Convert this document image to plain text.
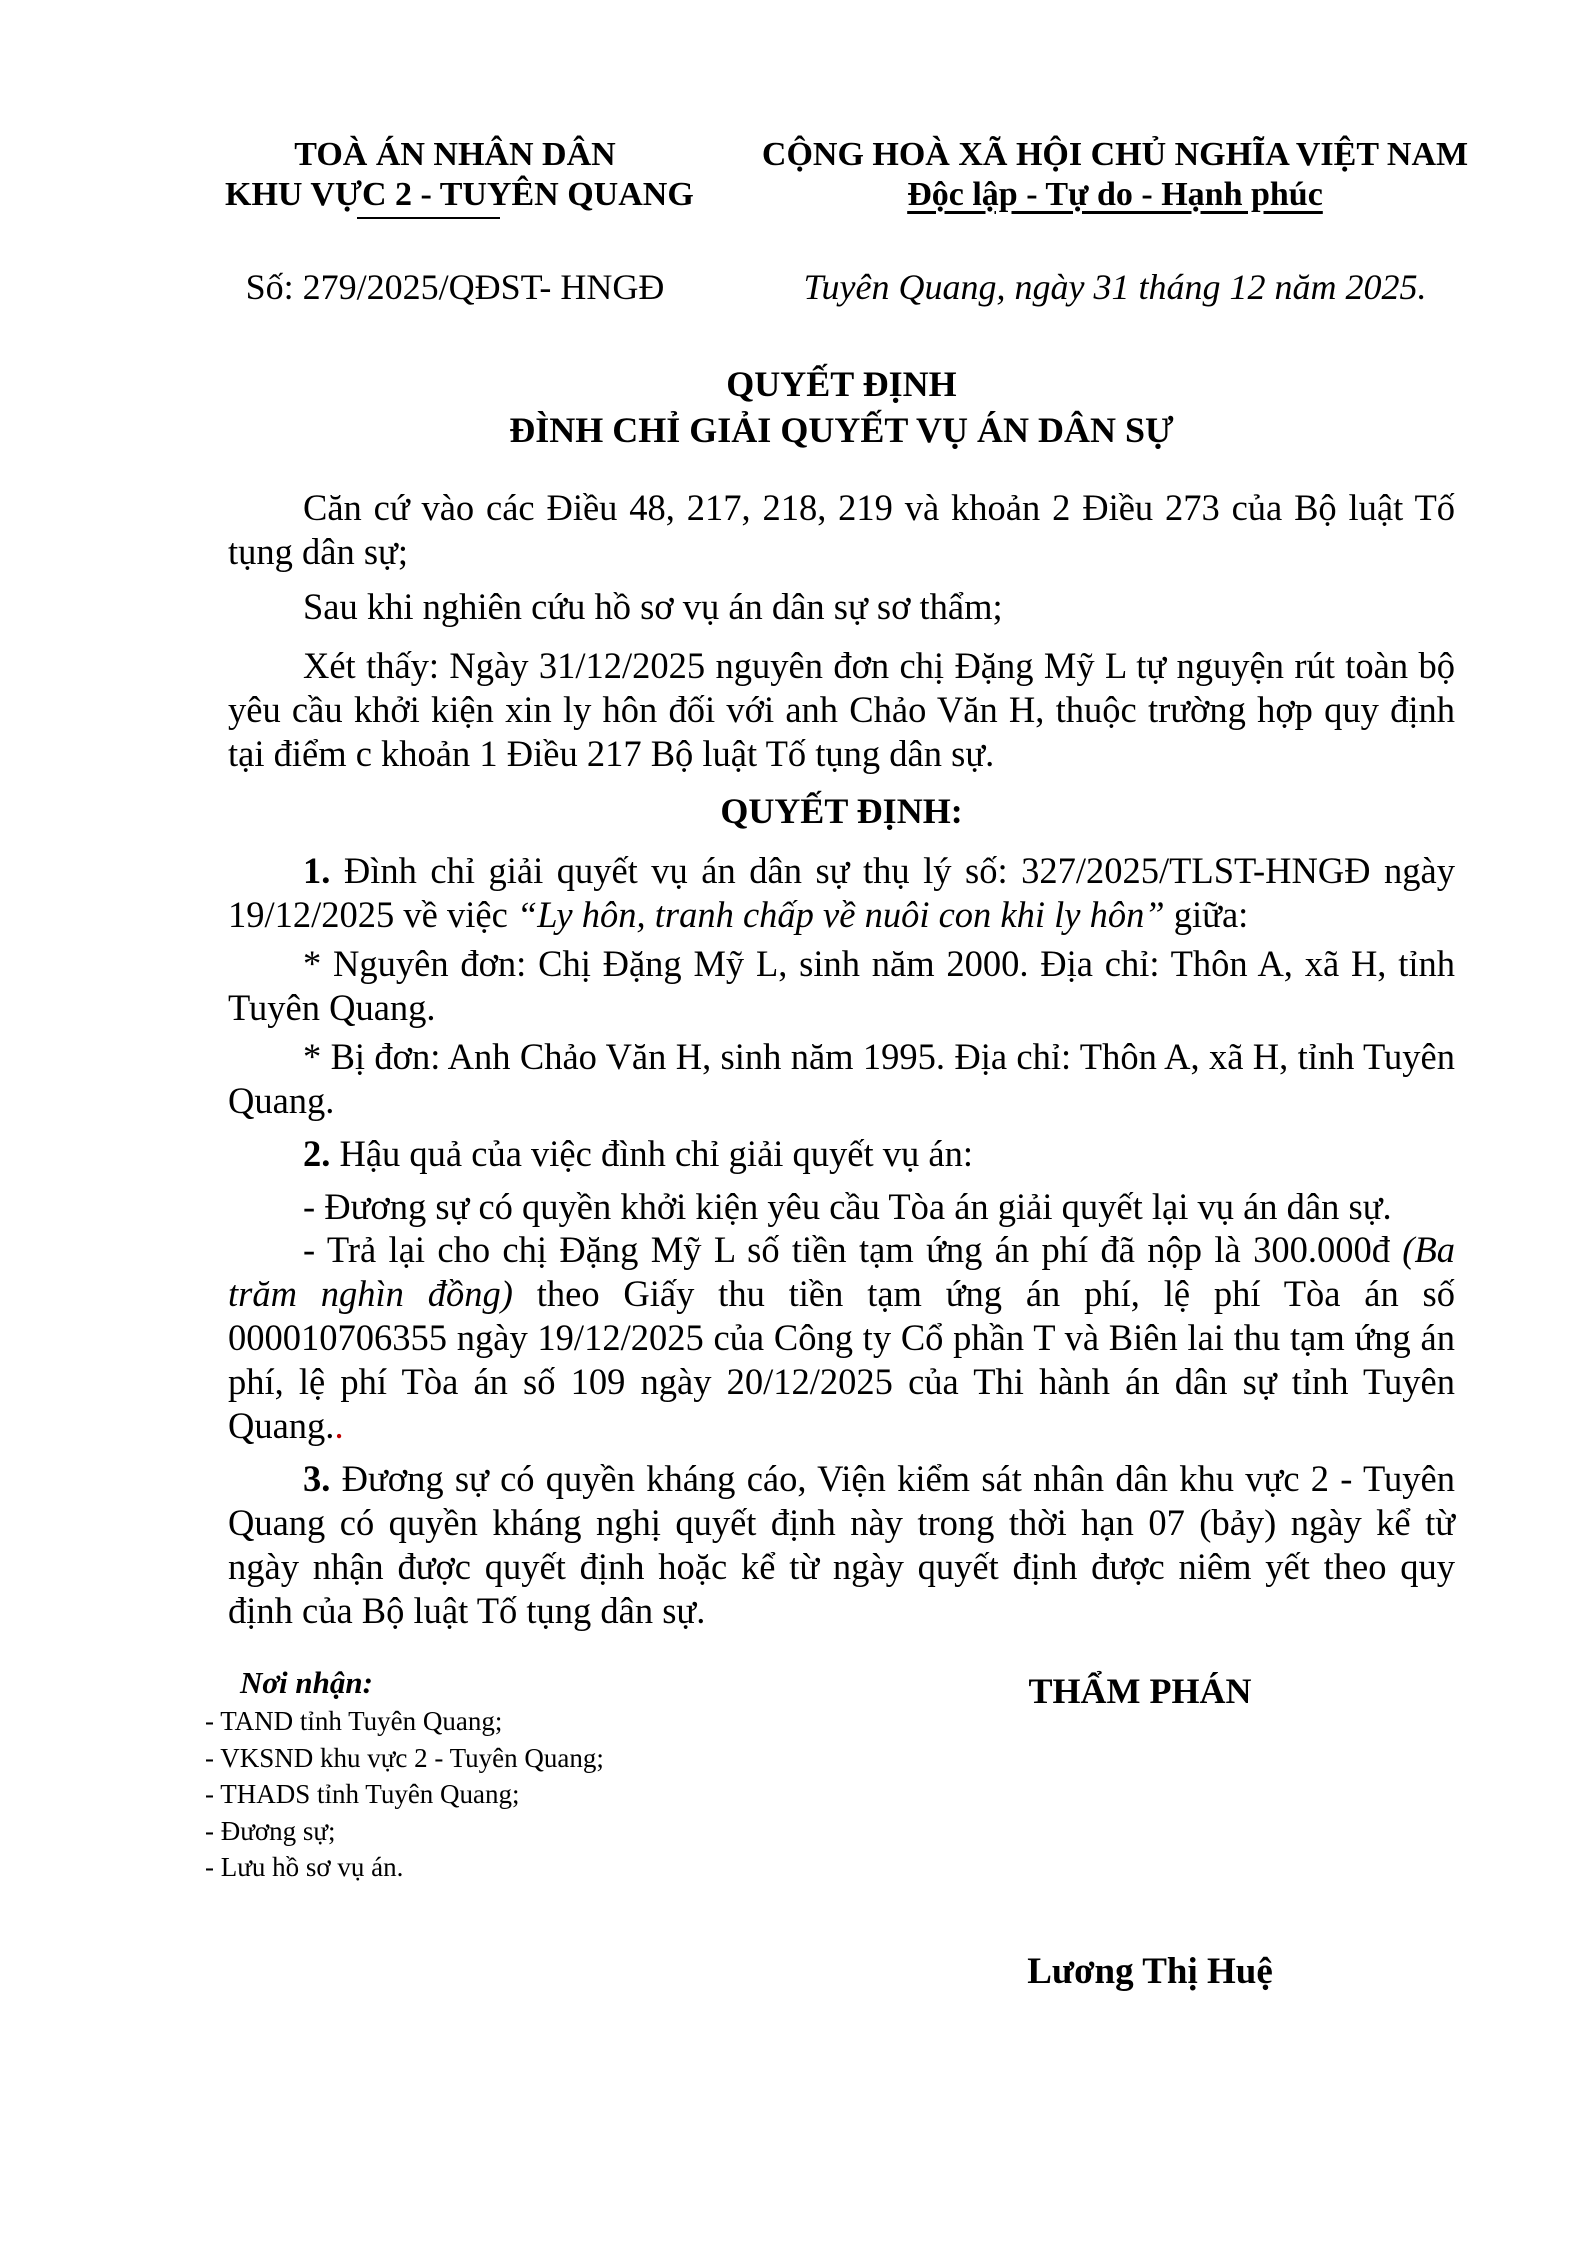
TOÀ ÁN NHÂN DÂN
KHU VỰC 2 - TUYÊN QUANG
CỘNG HOÀ XÃ HỘI CHỦ NGHĨA VIỆT NAM
Độc lập - Tự do - Hạnh phúc
Số: 279/2025/QĐST- HNGĐ	Tuyên Quang, ngày 31 tháng 12 năm 2025.
QUYẾT ĐỊNH
ĐÌNH CHỈ GIẢI QUYẾT VỤ ÁN DÂN SỰ
QUYẾT ĐỊNH:
Căn cứ vào các Điều 48, 217, 218, 219 và khoản 2 Điều 273 của Bộ luật Tố
tụng dân sự;
Sau khi nghiên cứu hồ sơ vụ án dân sự sơ thẩm;
Xét thấy: Ngày 31/12/2025 nguyên đơn chị Đặng Mỹ L tự nguyện rút toàn bộ
yêu cầu khởi kiện xin ly hôn đối với anh Chảo Văn H, thuộc trường hợp quy định
tại điểm c khoản 1 Điều 217 Bộ luật Tố tụng dân sự.
1. Đình chỉ giải quyết vụ án dân sự thụ lý số: 327/2025/TLST-HNGĐ ngày
19/12/2025 về việc “Ly hôn, tranh chấp về nuôi con khi ly hôn” giữa:
* Nguyên đơn: Chị Đặng Mỹ L, sinh năm 2000. Địa chỉ: Thôn A, xã H, tỉnh
Tuyên Quang.
* Bị đơn: Anh Chảo Văn H, sinh năm 1995. Địa chỉ: Thôn A, xã H, tỉnh Tuyên
Quang.
2. Hậu quả của việc đình chỉ giải quyết vụ án:
- Đương sự có quyền khởi kiện yêu cầu Tòa án giải quyết lại vụ án dân sự.
- Trả lại cho chị Đặng Mỹ L số tiền tạm ứng án phí đã nộp là 300.000đ (Ba
trăm nghìn đồng) theo Giấy thu tiền tạm ứng án phí, lệ phí Tòa án số
000010706355 ngày 19/12/2025 của Công ty Cổ phần T và Biên lai thu tạm ứng án
phí, lệ phí Tòa án số 109 ngày 20/12/2025 của Thi hành án dân sự tỉnh Tuyên
Quang..
3. Đương sự có quyền kháng cáo, Viện kiểm sát nhân dân khu vực 2 - Tuyên
Quang có quyền kháng nghị quyết định này trong thời hạn 07 (bảy) ngày kể từ
ngày nhận được quyết định hoặc kể từ ngày quyết định được niêm yết theo quy
định của Bộ luật Tố tụng dân sự.
Nơi nhận:
- TAND tỉnh Tuyên Quang;
- VKSND khu vực 2 - Tuyên Quang;
- THADS tỉnh Tuyên Quang;
- Đương sự;
- Lưu hồ sơ vụ án.
THẨM PHÁN
Lương Thị Huệ
